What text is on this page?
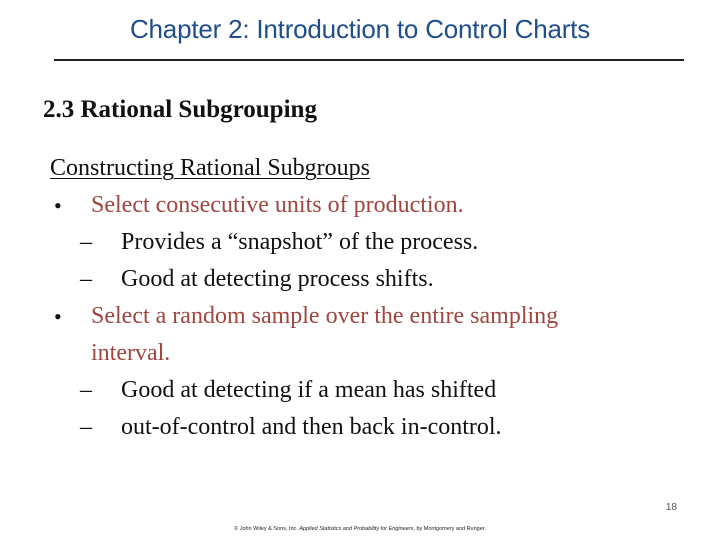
Chapter 2: Introduction to Control Charts
2.3 Rational Subgrouping
Constructing Rational Subgroups
• Select consecutive units of production.
– Provides a “snapshot” of the process.
– Good at detecting process shifts.
• Select a random sample over the entire sampling
interval.
– Good at detecting if a mean has shifted
– out-of-control and then back in-control.
18
© John Wiley & Sons, Inc. Applied Statistics and Probability for Engineers, by Montgomery and Runger.
